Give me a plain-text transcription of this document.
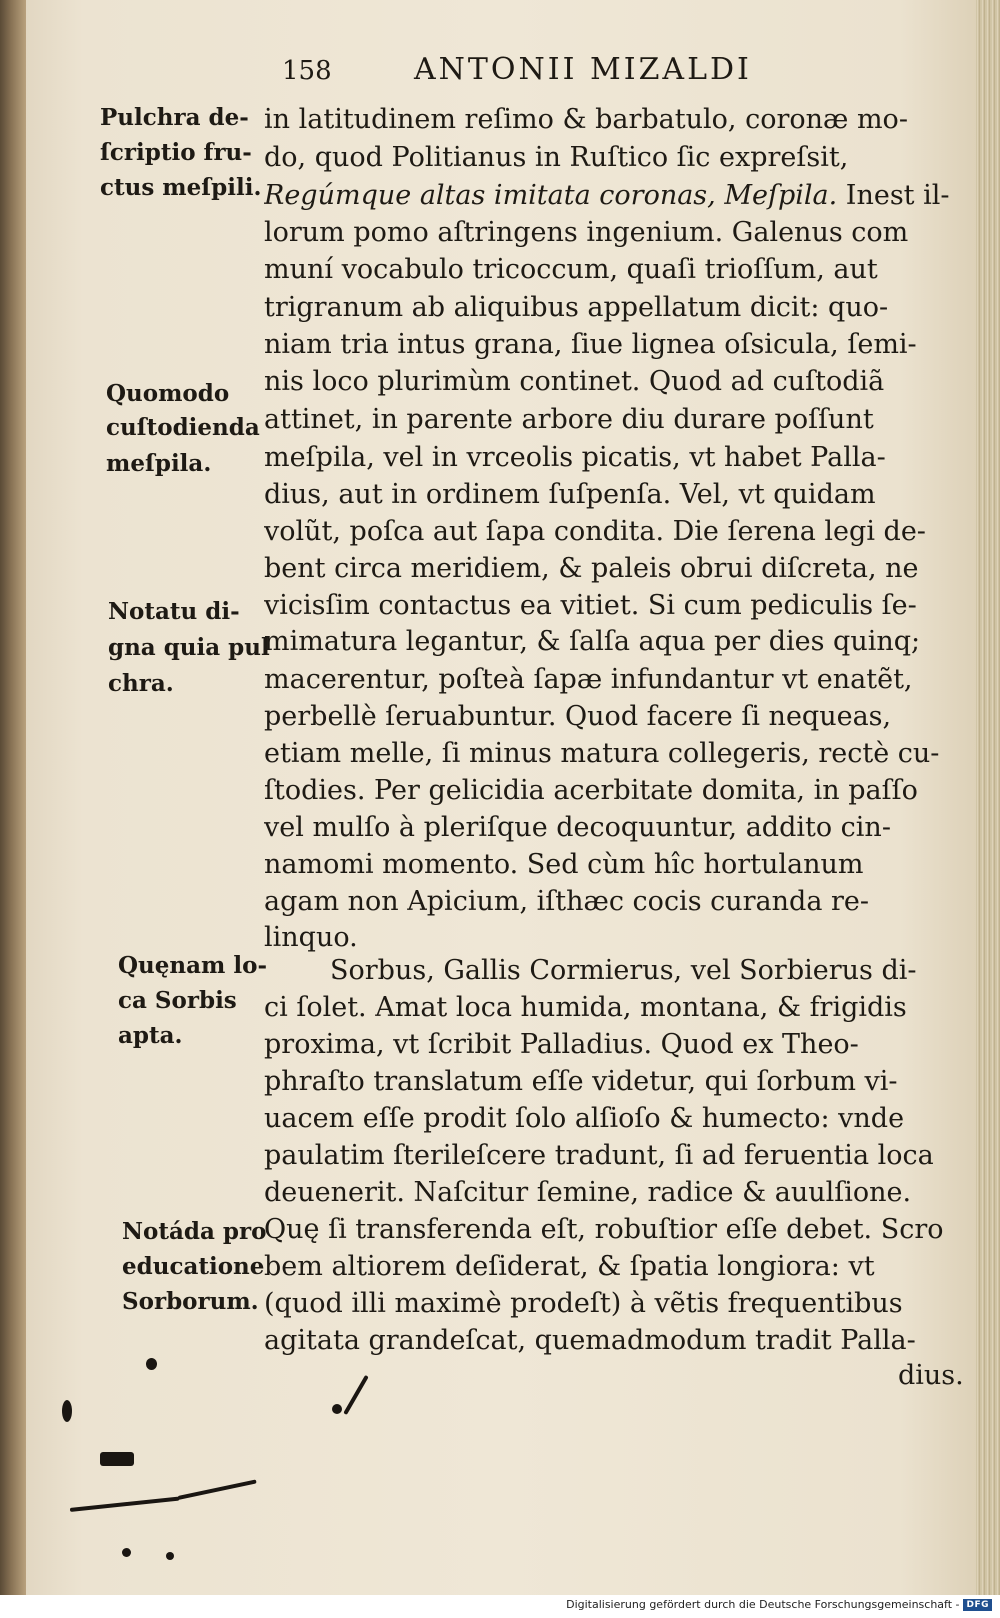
158	ANTONII MIZALDI
Pulchra de-
ſcriptio fru-
ctus meſpili.
Quomodo
cuſtodienda
meſpila.
Notatu di-
gna quia pul
chra.
Quęnam lo-
ca Sorbis
apta.
Notáda pro
educatione
Sorborum.
in latitudinem reſimo & barbatulo, coronæ mo-
do, quod Politianus in Ruſtico ſic expreſsit,
Regúmque altas imitata coronas, Meſpila. Inest il-
lorum pomo aſtringens ingenium. Galenus com
muní vocabulo tricoccum, quaſi trioſſum, aut
trigranum ab aliquibus appellatum dicit: quo-
niam tria intus grana, ſiue lignea oſsicula, ſemi-
nis loco plurimùm continet. Quod ad cuſtodiã
attinet, in parente arbore diu durare poſſunt
meſpila, vel in vrceolis picatis, vt habet Palla-
dius, aut in ordinem ſuſpenſa. Vel, vt quidam
volũt, poſca aut ſapa condita. Die ſerena legi de-
bent circa meridiem, & paleis obrui diſcreta, ne
vicisſim contactus ea vitiet. Si cum pediculis ſe-
mimatura legantur, & ſalſa aqua per dies quinq;
macerentur, poſteà ſapæ infundantur vt enatẽt,
perbellè ſeruabuntur. Quod facere ſi nequeas,
etiam melle, ſi minus matura collegeris, rectè cu-
ſtodies. Per gelicidia acerbitate domita, in paſſo
vel mulſo à pleriſque decoquuntur, addito cin-
namomi momento. Sed cùm hîc hortulanum
agam non Apicium, iſthæc cocis curanda re-
linquo.
Sorbus, Gallis Cormierus, vel Sorbierus di-
ci ſolet. Amat loca humida, montana, & frigidis
proxima, vt ſcribit Palladius. Quod ex Theo-
phraſto translatum eſſe videtur, qui ſorbum vi-
uacem eſſe prodit ſolo alſioſo & humecto: vnde
paulatim ſterileſcere tradunt, ſi ad feruentia loca
deuenerit. Naſcitur ſemine, radice & auulſione.
Quę ſi transferenda eſt, robuſtior eſſe debet. Scro
bem altiorem deſiderat, & ſpatia longiora: vt
(quod illi maximè prodeſt) à vẽtis frequentibus
agitata grandeſcat, quemadmodum tradit Palla-
dius.
Digitalisierung gefördert durch die Deutsche Forschungsgemeinschaft - DFG
